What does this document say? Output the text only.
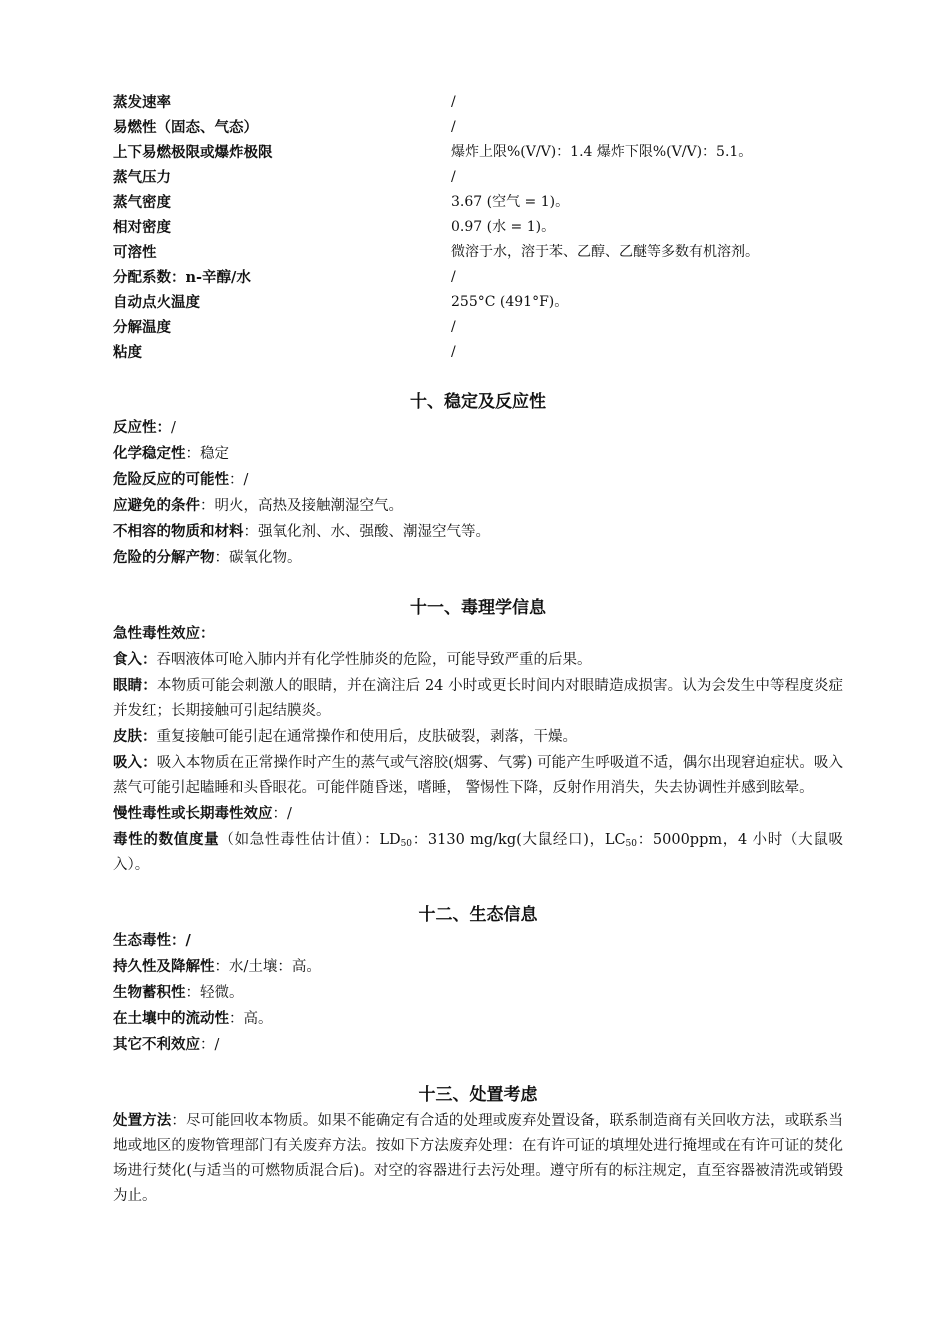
蒸发速率	/
易燃性（固态、气态）	/
上下易燃极限或爆炸极限	爆炸上限%(V/V)：1.4 爆炸下限%(V/V)：5.1。
蒸气压力	/
蒸气密度	3.67 (空气 = 1)。
相对密度	0.97 (水 = 1)。
可溶性	微溶于水，溶于苯、乙醇、乙醚等多数有机溶剂。
分配系数：n-辛醇/水	/
自动点火温度	255°C (491°F)。
分解温度	/
粘度	/
十、稳定及反应性

反应性：/

化学稳定性：稳定

危险反应的可能性：/

应避免的条件：明火，高热及接触潮湿空气。

不相容的物质和材料：强氧化剂、水、强酸、潮湿空气等。

危险的分解产物：碳氧化物。

十一、毒理学信息

急性毒性效应：

食入：吞咽液体可呛入肺内并有化学性肺炎的危险，可能导致严重的后果。

眼睛：本物质可能会刺激人的眼睛，并在滴注后 24 小时或更长时间内对眼睛造成损害。认为会发生中等程度炎症并发红；长期接触可引起结膜炎。

皮肤：重复接触可能引起在通常操作和使用后，皮肤破裂，剥落，干燥。

吸入：吸入本物质在正常操作时产生的蒸气或气溶胶(烟雾、气雾) 可能产生呼吸道不适，偶尔出现窘迫症状。吸入蒸气可能引起瞌睡和头昏眼花。可能伴随昏迷，嗜睡， 警惕性下降，反射作用消失，失去协调性并感到眩晕。

慢性毒性或长期毒性效应：/

毒性的数值度量（如急性毒性估计值）：$LD_{50}$：3130 mg/kg(大鼠经口)，$LC_{50}$：5000ppm，4 小时（大鼠吸入）。

十二、生态信息

生态毒性：/

持久性及降解性：水/土壤：高。

生物蓄积性：轻微。

在土壤中的流动性：高。

其它不利效应：/

十三、处置考虑

处置方法：尽可能回收本物质。如果不能确定有合适的处理或废弃处置设备，联系制造商有关回收方法，或联系当地或地区的废物管理部门有关废弃方法。按如下方法废弃处理：在有许可证的填埋处进行掩埋或在有许可证的焚化场进行焚化(与适当的可燃物质混合后)。对空的容器进行去污处理。遵守所有的标注规定，直至容器被清洗或销毁为止。
